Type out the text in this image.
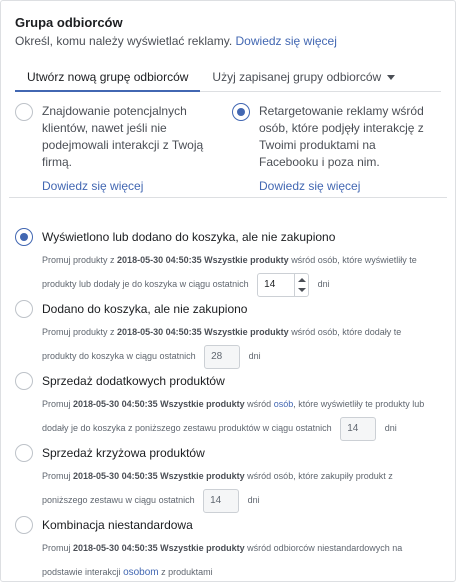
Grupa odbiorców
Określ, komu należy wyświetlać reklamy. Dowiedz się więcej
Utwórz nową grupę odbiorców	Użyj zapisanej grupy odbiorców
Znajdowanie potencjalnych klientów, nawet jeśli nie podejmowali interakcji z Twoją firmą.
Dowiedz się więcej
Retargetowanie reklamy wśród osób, które podjęły interakcję z Twoimi produktami na Facebooku i poza nim.
Dowiedz się więcej
Wyświetlono lub dodano do koszyka, ale nie zakupiono
Promuj produkty z 2018-05-30 04:50:35 Wszystkie produkty wśród osób, które wyświetliły te
produkty lub dodały je do koszyka w ciągu ostatnich 14	dni
Dodano do koszyka, ale nie zakupiono
Promuj produkty z 2018-05-30 04:50:35 Wszystkie produkty wśród osób, które dodały te
produkty do koszyka w ciągu ostatnich 28	dni
Sprzedaż dodatkowych produktów
Promuj 2018-05-30 04:50:35 Wszystkie produkty wśród osób, które wyświetliły te produkty lub
dodały je do koszyka z poniższego zestawu produktów w ciągu ostatnich 14	dni
Sprzedaż krzyżowa produktów
Promuj 2018-05-30 04:50:35 Wszystkie produkty wśród osób, które zakupiły produkt z
poniższego zestawu w ciągu ostatnich 14	dni
Kombinacja niestandardowa
Promuj 2018-05-30 04:50:35 Wszystkie produkty wśród odbiorców niestandardowych na
podstawie interakcji osobom z produktami
